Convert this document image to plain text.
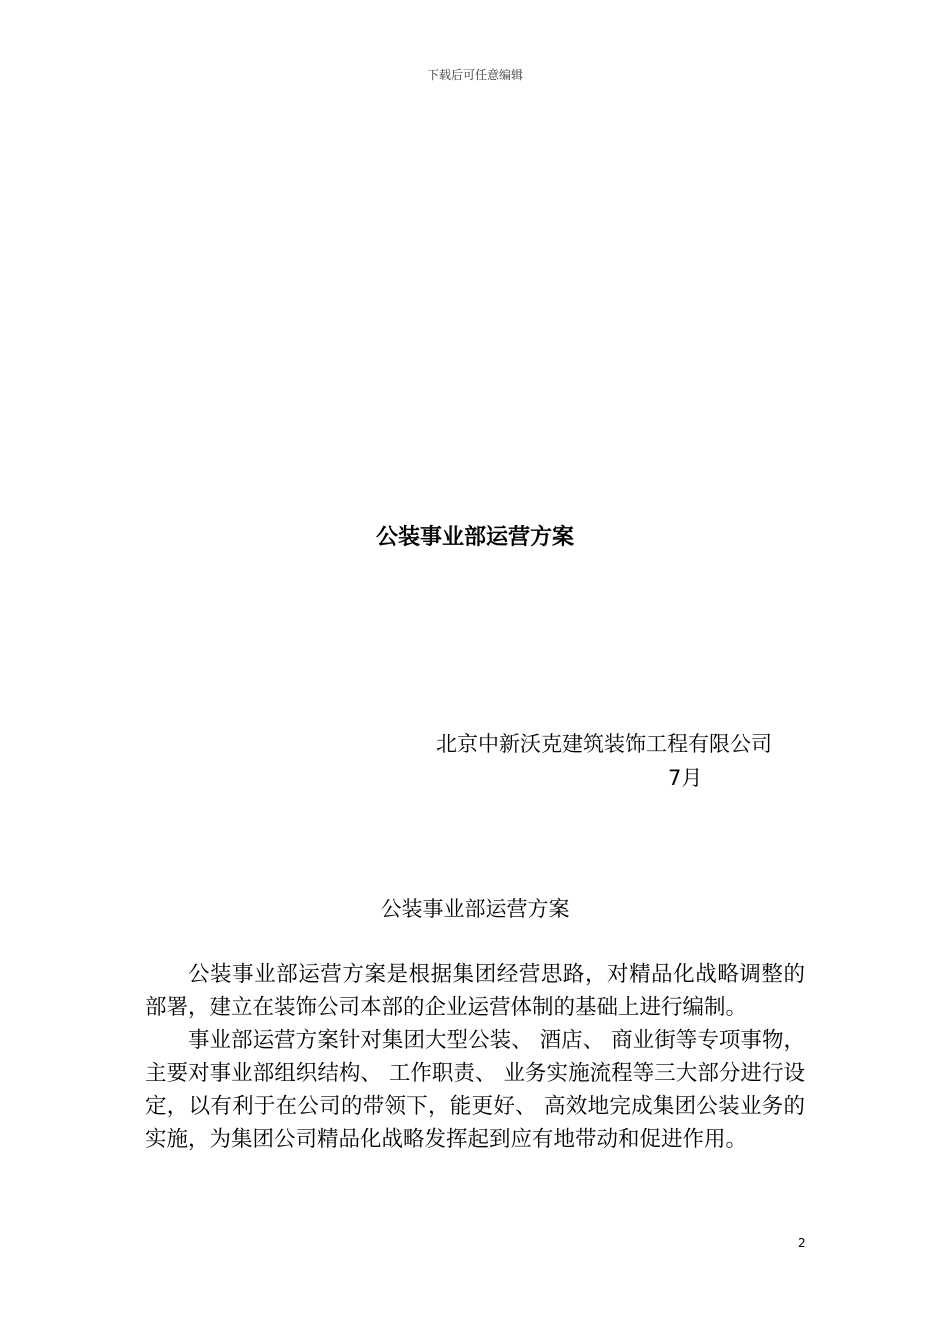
下载后可任意编辑
公装事业部运营方案
北京中新沃克建筑装饰工程有限公司
7月
公装事业部运营方案

公装事业部运营方案是根据集团经营思路，对精品化战略调整的部署，建立在装饰公司本部的企业运营体制的基础上进行编制。

事业部运营方案针对集团大型公装、 酒店、 商业街等专项事物，主要对事业部组织结构、 工作职责、 业务实施流程等三大部分进行设定，以有利于在公司的带领下，能更好、 高效地完成集团公装业务的实施，为集团公司精品化战略发挥起到应有地带动和促进作用。

2
